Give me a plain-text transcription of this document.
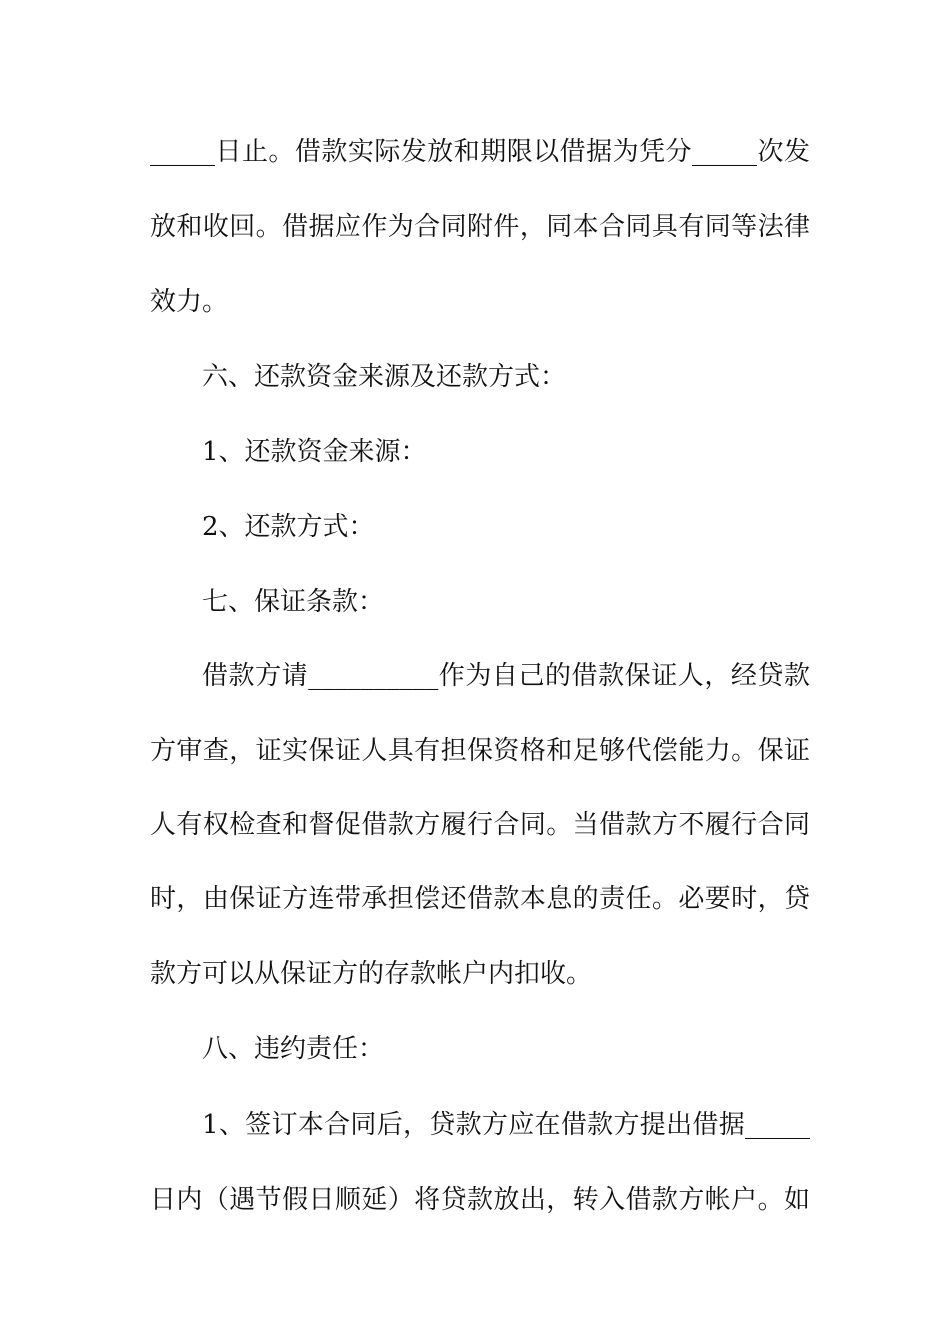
_____日止。借款实际发放和期限以借据为凭分_____次发
放和收回。借据应作为合同附件，同本合同具有同等法律
效力。
六、还款资金来源及还款方式：
1、还款资金来源：
2、还款方式：
七、保证条款：
借款方请__________作为自己的借款保证人，经贷款
方审查，证实保证人具有担保资格和足够代偿能力。保证
人有权检查和督促借款方履行合同。当借款方不履行合同
时，由保证方连带承担偿还借款本息的责任。必要时，贷
款方可以从保证方的存款帐户内扣收。
八、违约责任：
1、签订本合同后，贷款方应在借款方提出借据_____
日内（遇节假日顺延）将贷款放出，转入借款方帐户。如
